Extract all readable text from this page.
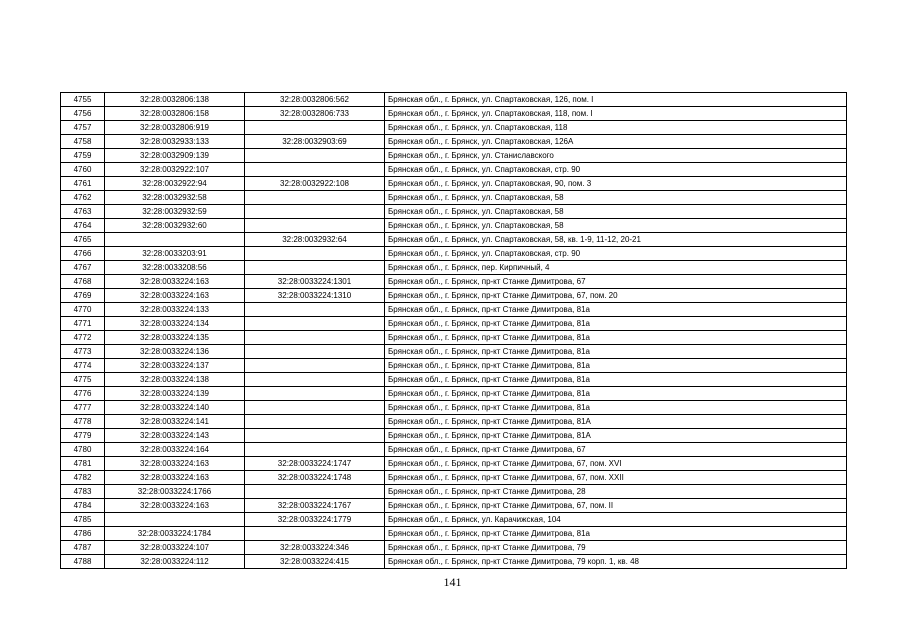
4755	32:28:0032806:138	32:28:0032806:562	Брянская обл., г. Брянск, ул. Спартаковская, 126, пом. I
4756	32:28:0032806:158	32:28:0032806:733	Брянская обл., г. Брянск, ул. Спартаковская, 118, пом. I
4757	32:28:0032806:919		Брянская обл., г. Брянск, ул. Спартаковская, 118
4758	32:28:0032933:133	32:28:0032903:69	Брянская обл., г. Брянск, ул. Спартаковская, 126А
4759	32:28:0032909:139		Брянская обл., г. Брянск, ул. Станиславского
4760	32:28:0032922:107		Брянская обл., г. Брянск, ул. Спартаковская, стр. 90
4761	32:28:0032922:94	32:28:0032922:108	Брянская обл., г. Брянск, ул. Спартаковская, 90, пом. 3
4762	32:28:0032932:58		Брянская обл., г. Брянск, ул. Спартаковская, 58
4763	32:28:0032932:59		Брянская обл., г. Брянск, ул. Спартаковская, 58
4764	32:28:0032932:60		Брянская обл., г. Брянск, ул. Спартаковская, 58
4765		32:28:0032932:64	Брянская обл., г. Брянск, ул. Спартаковская, 58, кв. 1-9, 11-12, 20-21
4766	32:28:0033203:91		Брянская обл., г. Брянск, ул. Спартаковская, стр. 90
4767	32:28:0033208:56		Брянская обл., г. Брянск, пер. Кирпичный, 4
4768	32:28:0033224:163	32:28:0033224:1301	Брянская обл., г. Брянск, пр-кт Станке Димитрова, 67
4769	32:28:0033224:163	32:28:0033224:1310	Брянская обл., г. Брянск, пр-кт Станке Димитрова, 67, пом. 20
4770	32:28:0033224:133		Брянская обл., г. Брянск, пр-кт Станке Димитрова, 81а
4771	32:28:0033224:134		Брянская обл., г. Брянск, пр-кт Станке Димитрова, 81а
4772	32:28:0033224:135		Брянская обл., г. Брянск, пр-кт Станке Димитрова, 81а
4773	32:28:0033224:136		Брянская обл., г. Брянск, пр-кт Станке Димитрова, 81а
4774	32:28:0033224:137		Брянская обл., г. Брянск, пр-кт Станке Димитрова, 81а
4775	32:28:0033224:138		Брянская обл., г. Брянск, пр-кт Станке Димитрова, 81а
4776	32:28:0033224:139		Брянская обл., г. Брянск, пр-кт Станке Димитрова, 81а
4777	32:28:0033224:140		Брянская обл., г. Брянск, пр-кт Станке Димитрова, 81а
4778	32:28:0033224:141		Брянская обл., г. Брянск, пр-кт Станке Димитрова, 81А
4779	32:28:0033224:143		Брянская обл., г. Брянск, пр-кт Станке Димитрова, 81А
4780	32:28:0033224:164		Брянская обл., г. Брянск, пр-кт Станке Димитрова, 67
4781	32:28:0033224:163	32:28:0033224:1747	Брянская обл., г. Брянск, пр-кт Станке Димитрова, 67, пом. XVI
4782	32:28:0033224:163	32:28:0033224:1748	Брянская обл., г. Брянск, пр-кт Станке Димитрова, 67, пом. XXII
4783	32:28:0033224:1766		Брянская обл., г. Брянск, пр-кт Станке Димитрова, 28
4784	32:28:0033224:163	32:28:0033224:1767	Брянская обл., г. Брянск, пр-кт Станке Димитрова, 67, пом. II
4785		32:28:0033224:1779	Брянская обл., г. Брянск, ул. Карачижская, 104
4786	32:28:0033224:1784		Брянская обл., г. Брянск, пр-кт Станке Димитрова, 81а
4787	32:28:0033224:107	32:28:0033224:346	Брянская обл., г. Брянск, пр-кт Станке Димитрова, 79
4788	32:28:0033224:112	32:28:0033224:415	Брянская обл., г. Брянск, пр-кт Станке Димитрова, 79 корп. 1, кв. 48
141
